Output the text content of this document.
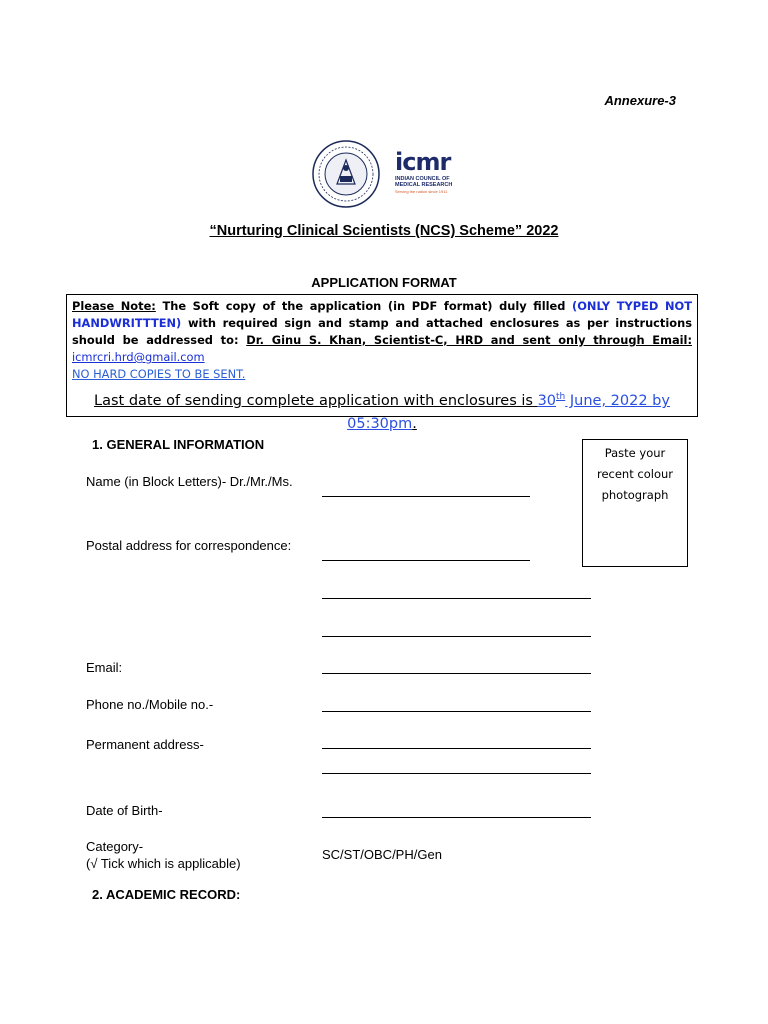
Annexure-3
icmr
INDIAN COUNCIL OF
MEDICAL RESEARCH
Serving the nation since 1911
“Nurturing Clinical Scientists (NCS) Scheme” 2022
APPLICATION FORMAT
Please Note: The Soft copy of the application (in PDF format) duly filled (ONLY TYPED NOT HANDWRITTTEN) with required sign and stamp and attached enclosures as per instructions should be addressed to: Dr. Ginu S. Khan, Scientist-C, HRD and sent only through Email: icmrcri.hrd@gmail.com
NO HARD COPIES TO BE SENT.
Last date of sending complete application with enclosures is 30th June, 2022 by 05:30pm.
1. GENERAL INFORMATION
Paste your
recent colour
photograph
Name (in Block Letters)- Dr./Mr./Ms.
Postal address for correspondence:
Email:
Phone no./Mobile no.-
Permanent address-
Date of Birth-
Category-
(√ Tick which is applicable)
SC/ST/OBC/PH/Gen
2. ACADEMIC RECORD:
